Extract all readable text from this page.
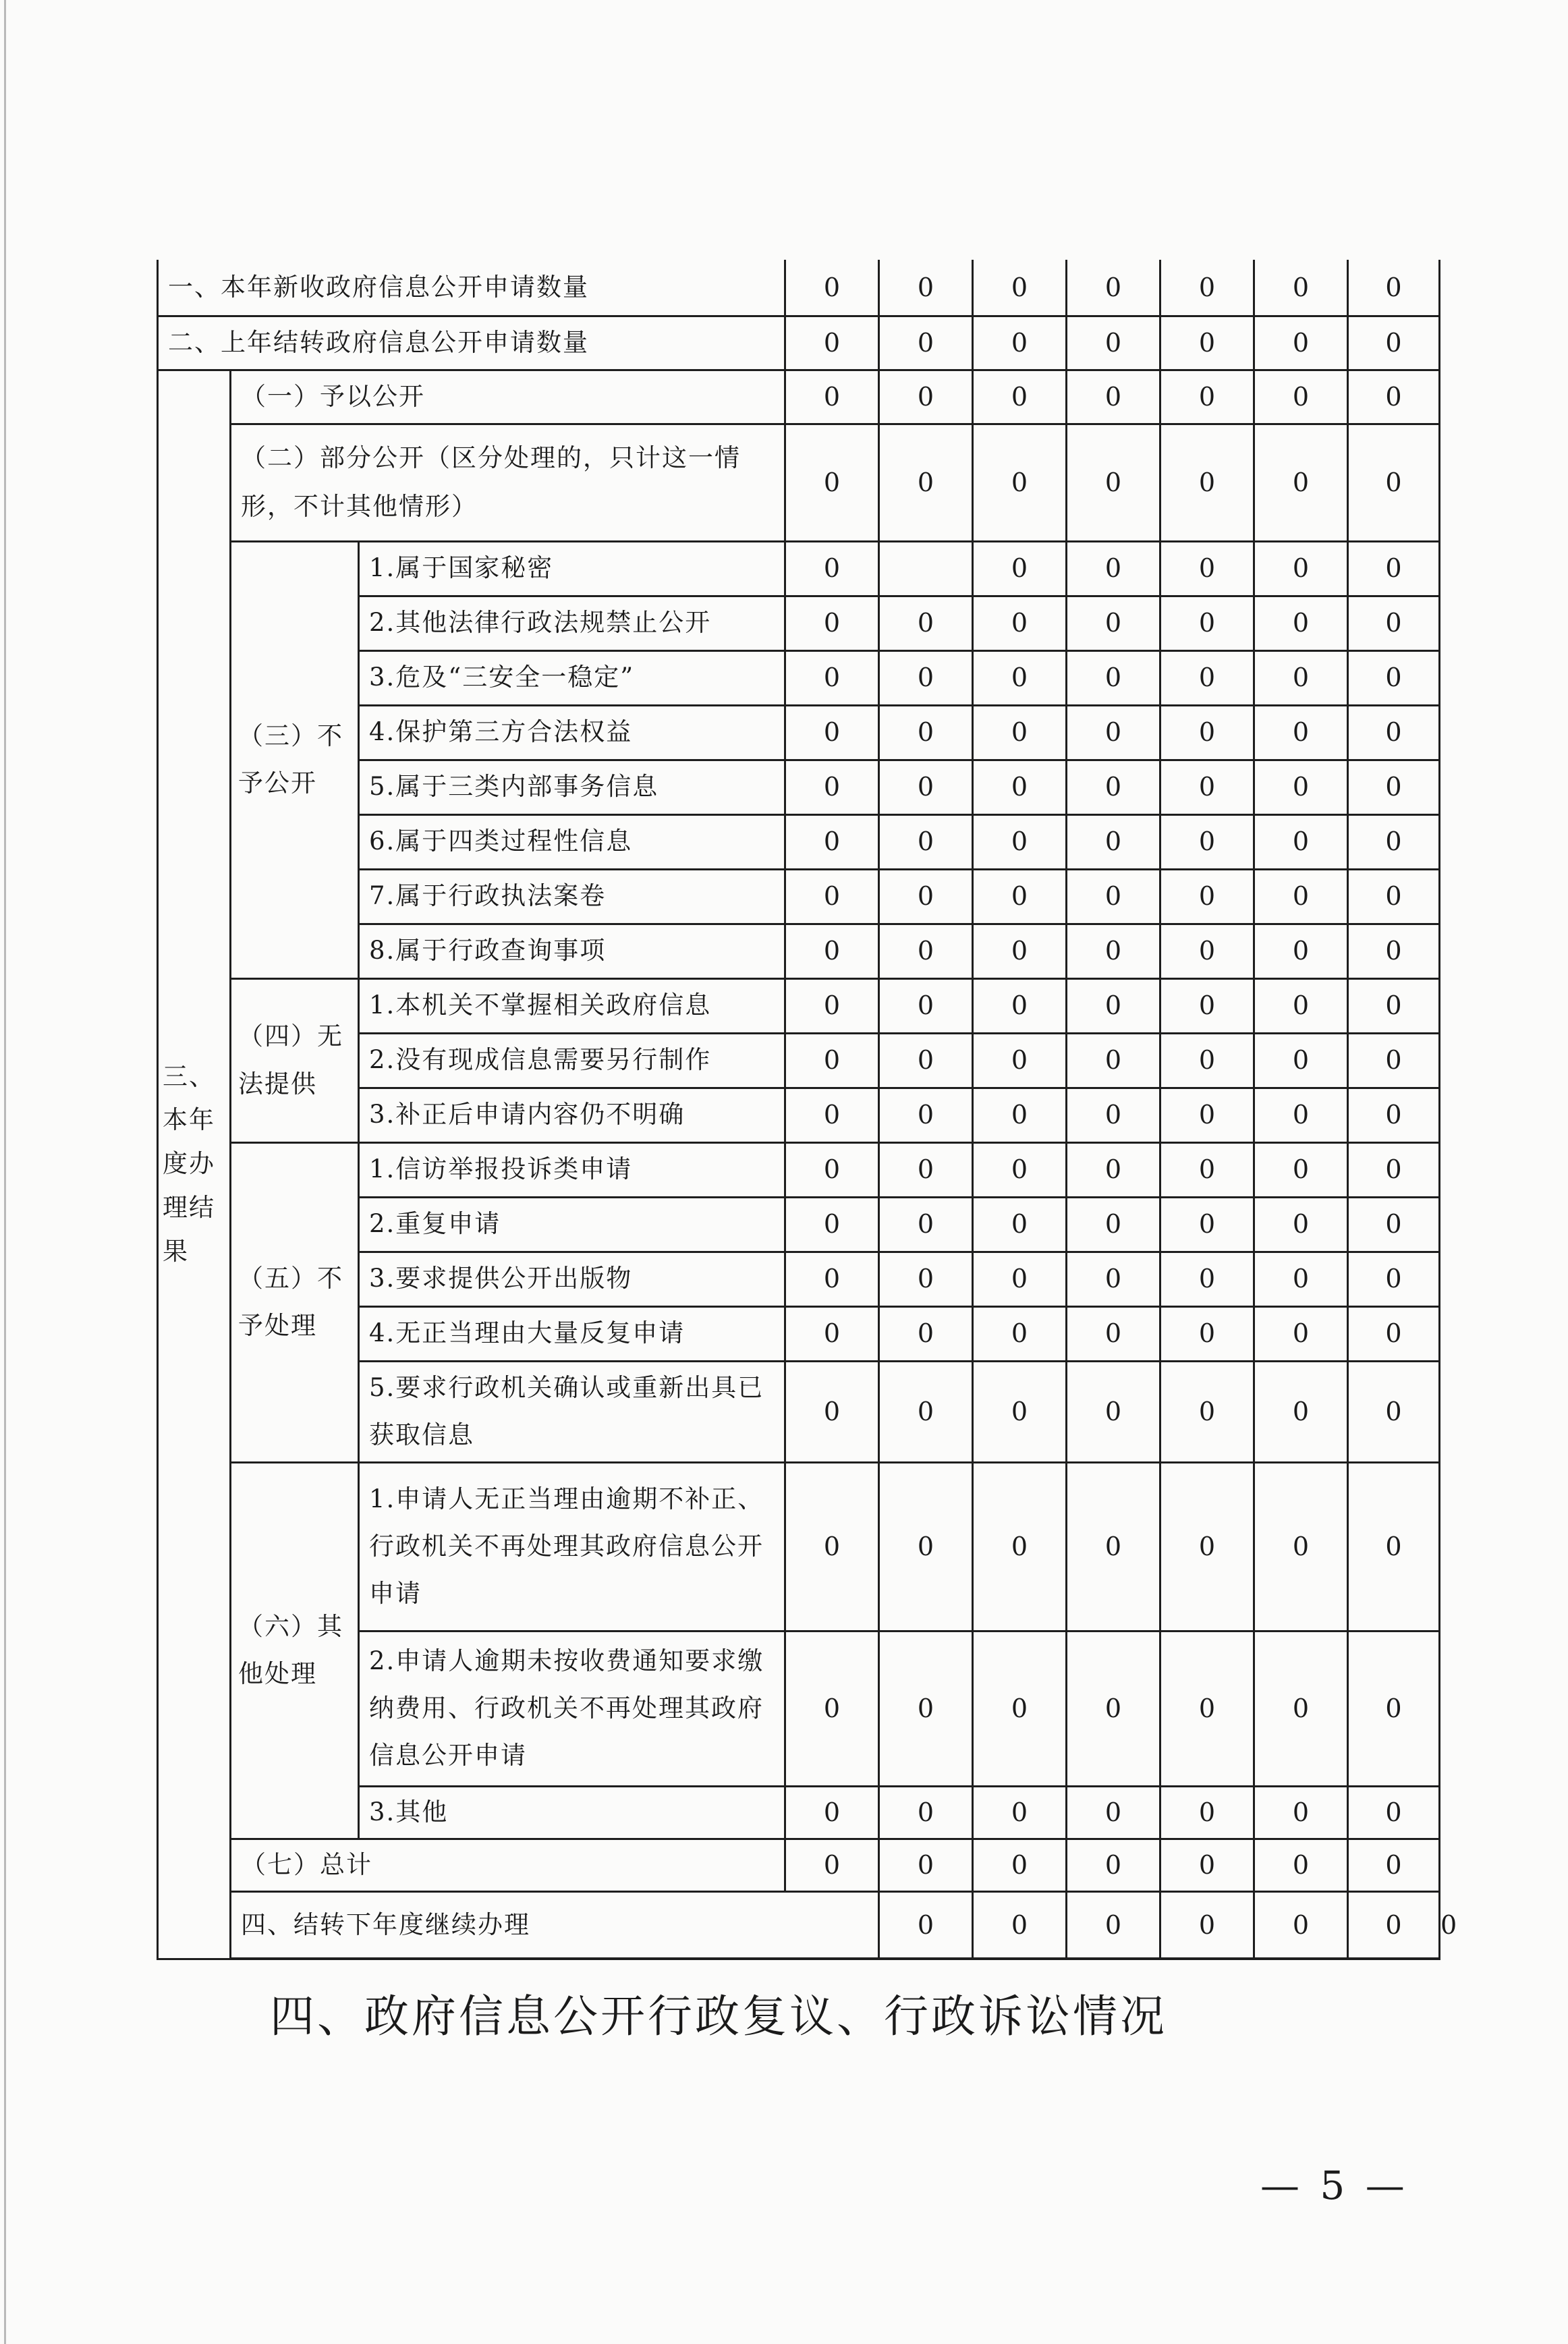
一、本年新收政府信息公开申请数量			0	0	0	0	0	0	0	
二、上年结转政府信息公开申请数量			0	0	0	0	0	0	0	
三、本年度办理结果	（一）予以公开		0	0	0	0	0	0	0	
	（二）部分公开（区分处理的，只计这一情形，不计其他情形）		0	0	0	0	0	0	0	
	（三）不予公开	1.属于国家秘密	0		0	0	0	0	0	
		2.其他法律行政法规禁止公开	0	0	0	0	0	0	0	
		3.危及“三安全一稳定”	0	0	0	0	0	0	0	
		4.保护第三方合法权益	0	0	0	0	0	0	0	
		5.属于三类内部事务信息	0	0	0	0	0	0	0	
		6.属于四类过程性信息	0	0	0	0	0	0	0	
		7.属于行政执法案卷	0	0	0	0	0	0	0	
		8.属于行政查询事项	0	0	0	0	0	0	0	
	（四）无法提供	1.本机关不掌握相关政府信息	0	0	0	0	0	0	0	
		2.没有现成信息需要另行制作	0	0	0	0	0	0	0	
		3.补正后申请内容仍不明确	0	0	0	0	0	0	0	
	（五）不予处理	1.信访举报投诉类申请	0	0	0	0	0	0	0	
		2.重复申请	0	0	0	0	0	0	0	
		3.要求提供公开出版物	0	0	0	0	0	0	0	
		4.无正当理由大量反复申请	0	0	0	0	0	0	0	
		5.要求行政机关确认或重新出具已获取信息	0	0	0	0	0	0	0	
	（六）其他处理	1.申请人无正当理由逾期不补正、行政机关不再处理其政府信息公开申请	0	0	0	0	0	0	0	
		2.申请人逾期未按收费通知要求缴纳费用、行政机关不再处理其政府信息公开申请	0	0	0	0	0	0	0	
		3.其他	0	0	0	0	0	0	0	
	（七）总计		0	0	0	0	0	0	0	
	四、结转下年度继续办理			0	0	0	0	0	0	0
四、政府信息公开行政复议、行政诉讼情况
— 5 —
